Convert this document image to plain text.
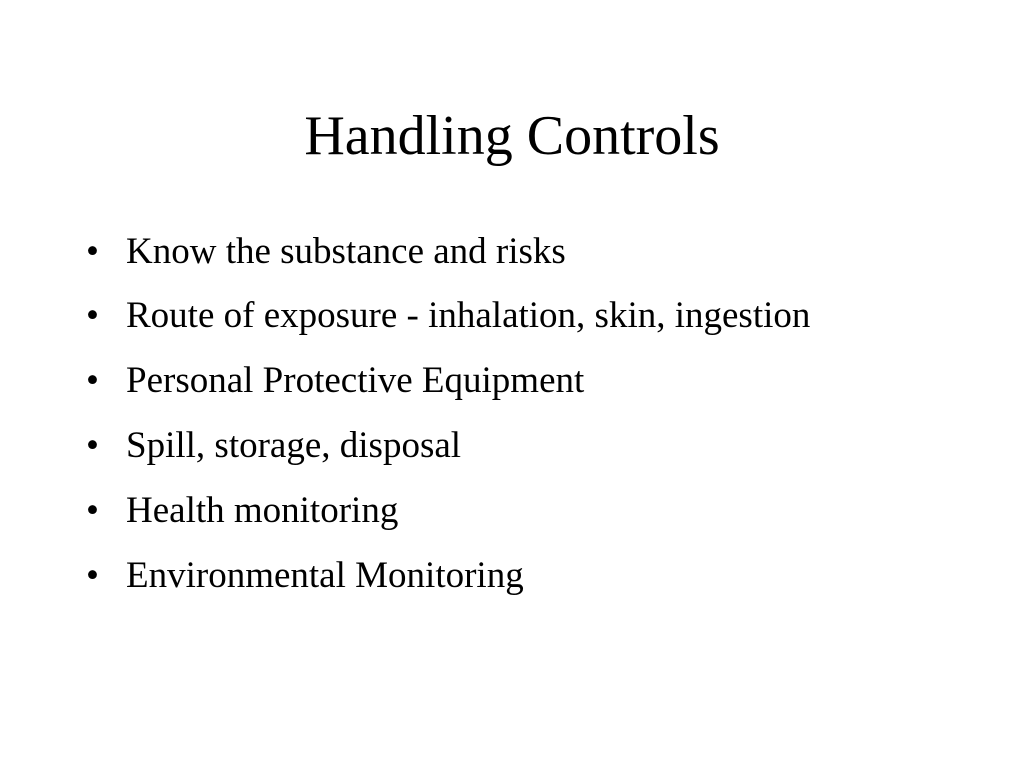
Handling Controls
• Know the substance and risks
• Route of exposure - inhalation, skin, ingestion
• Personal Protective Equipment
• Spill, storage, disposal
• Health monitoring
• Environmental Monitoring
